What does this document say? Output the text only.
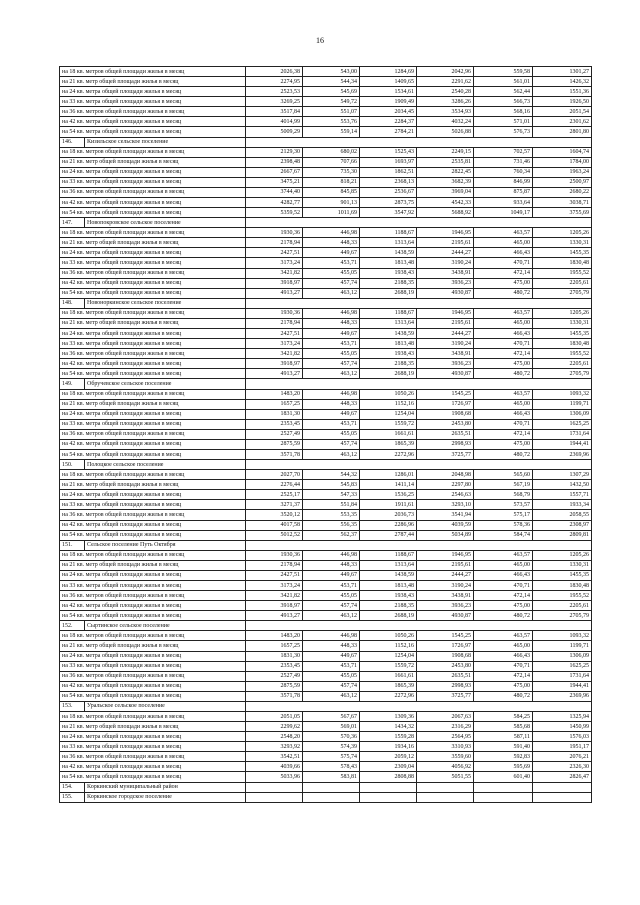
16
на 18 кв. метров общей площади жилья в месяц		2026,38	543,00	1284,69	2042,96	559,58	1301,27
на 21 кв. метр общей площади жилья в месяц		2274,95	544,34	1409,65	2291,62	561,01	1426,32
на 24 кв. метра общей площади жилья в месяц		2523,53	545,69	1534,61	2540,28	562,44	1551,36
на 33 кв. метра общей площади жилья в месяц		3269,25	549,72	1909,49	3286,26	566,73	1926,50
на 36 кв. метров общей площади жилья в месяц		3517,84	551,07	2034,45	3534,93	568,16	2051,54
на 42 кв. метра общей площади жилья в месяц		4014,99	553,76	2284,37	4032,24	571,01	2301,62
на 54 кв. метра общей площади жилья в месяц		5009,29	559,14	2784,21	5026,88	576,73	2801,80
146.	Кизильское сельское поселение						
на 18 кв. метров общей площади жилья в месяц		2129,30	680,02	1525,43	2249,15	702,57	1604,74
на 21 кв. метр общей площади жилья в месяц		2398,48	707,66	1693,97	2535,81	731,46	1784,00
на 24 кв. метра общей площади жилья в месяц		2667,67	735,30	1862,51	2822,45	760,34	1963,24
на 33 кв. метра общей площади жилья в месяц		3475,21	818,21	2368,13	3682,39	846,99	2500,97
на 36 кв. метров общей площади жилья в месяц		3744,40	845,85	2536,67	3969,04	875,87	2680,22
на 42 кв. метра общей площади жилья в месяц		4282,77	901,13	2873,75	4542,33	933,64	3038,71
на 54 кв. метра общей площади жилья в месяц		5359,52	1011,69	3547,92	5688,92	1049,17	3755,69
147.	Новопокровское сельское поселение						
на 18 кв. метров общей площади жилья в месяц		1930,36	446,98	1188,67	1946,95	463,57	1205,26
на 21 кв. метр общей площади жилья в месяц		2178,94	448,33	1313,64	2195,61	465,00	1330,31
на 24 кв. метра общей площади жилья в месяц		2427,51	449,67	1438,59	2444,27	466,43	1455,35
на 33 кв. метра общей площади жилья в месяц		3173,24	453,71	1813,48	3190,24	470,71	1830,48
на 36 кв. метров общей площади жилья в месяц		3421,82	455,05	1938,43	3438,91	472,14	1955,52
на 42 кв. метра общей площади жилья в месяц		3918,97	457,74	2188,35	3936,23	475,00	2205,61
на 54 кв. метра общей площади жилья в месяц		4913,27	463,12	2688,19	4930,87	480,72	2705,79
148.	Новоноркинское сельское поселение						
на 18 кв. метров общей площади жилья в месяц		1930,36	446,98	1188,67	1946,95	463,57	1205,26
на 21 кв. метр общей площади жилья в месяц		2178,94	448,33	1313,64	2195,61	465,00	1330,31
на 24 кв. метра общей площади жилья в месяц		2427,51	449,67	1438,59	2444,27	466,43	1455,35
на 33 кв. метра общей площади жилья в месяц		3173,24	453,71	1813,48	3190,24	470,71	1830,48
на 36 кв. метров общей площади жилья в месяц		3421,82	455,05	1938,43	3438,91	472,14	1955,52
на 42 кв. метра общей площади жилья в месяц		3918,97	457,74	2188,35	3936,23	475,00	2205,61
на 54 кв. метра общей площади жилья в месяц		4913,27	463,12	2688,19	4930,87	480,72	2705,79
149.	Обручевское сельское поселение						
на 18 кв. метров общей площади жилья в месяц		1483,20	446,98	1050,26	1545,25	463,57	1093,32
на 21 кв. метр общей площади жилья в месяц		1657,25	448,33	1152,16	1726,97	465,00	1199,71
на 24 кв. метра общей площади жилья в месяц		1831,30	449,67	1254,04	1908,68	466,43	1306,09
на 33 кв. метра общей площади жилья в месяц		2353,45	453,71	1559,72	2453,80	470,71	1625,25
на 36 кв. метров общей площади жилья в месяц		2527,49	455,05	1661,61	2635,51	472,14	1731,64
на 42 кв. метра общей площади жилья в месяц		2875,59	457,74	1865,39	2998,93	475,00	1944,41
на 54 кв. метра общей площади жилья в месяц		3571,78	463,12	2272,96	3725,77	480,72	2369,96
150.	Полоцкое сельское поселение						
на 18 кв. метров общей площади жилья в месяц		2027,70	544,32	1286,01	2048,98	565,60	1307,29
на 21 кв. метр общей площади жилья в месяц		2276,44	545,83	1411,14	2297,80	567,19	1432,50
на 24 кв. метра общей площади жилья в месяц		2525,17	547,33	1536,25	2546,63	568,79	1557,71
на 33 кв. метра общей площади жилья в месяц		3271,37	551,84	1911,61	3293,10	573,57	1933,34
на 36 кв. метров общей площади жилья в месяц		3520,12	553,35	2036,73	3541,94	575,17	2058,55
на 42 кв. метра общей площади жилья в месяц		4017,58	556,35	2286,96	4039,59	578,36	2308,97
на 54 кв. метра общей площади жилья в месяц		5012,52	562,37	2787,44	5034,89	584,74	2809,81
151.	Сельское поселение Путь Октября						
на 18 кв. метров общей площади жилья в месяц		1930,36	446,98	1188,67	1946,95	463,57	1205,26
на 21 кв. метр общей площади жилья в месяц		2178,94	448,33	1313,64	2195,61	465,00	1330,31
на 24 кв. метра общей площади жилья в месяц		2427,51	449,67	1438,59	2444,27	466,43	1455,35
на 33 кв. метра общей площади жилья в месяц		3173,24	453,71	1813,48	3190,24	470,71	1830,48
на 36 кв. метров общей площади жилья в месяц		3421,82	455,05	1938,43	3438,91	472,14	1955,52
на 42 кв. метра общей площади жилья в месяц		3918,97	457,74	2188,35	3936,23	475,00	2205,61
на 54 кв. метра общей площади жилья в месяц		4913,27	463,12	2688,19	4930,87	480,72	2705,79
152.	Сыртинское сельское поселение						
на 18 кв. метров общей площади жилья в месяц		1483,20	446,98	1050,26	1545,25	463,57	1093,32
на 21 кв. метр общей площади жилья в месяц		1657,25	448,33	1152,16	1726,97	465,00	1199,71
на 24 кв. метра общей площади жилья в месяц		1831,30	449,67	1254,04	1908,68	466,43	1306,09
на 33 кв. метра общей площади жилья в месяц		2353,45	453,71	1559,72	2453,80	470,71	1625,25
на 36 кв. метров общей площади жилья в месяц		2527,49	455,05	1661,61	2635,51	472,14	1731,64
на 42 кв. метра общей площади жилья в месяц		2875,59	457,74	1865,39	2998,93	475,00	1944,41
на 54 кв. метра общей площади жилья в месяц		3571,78	463,12	2272,96	3725,77	480,72	2369,96
153.	Уральское сельское поселение						
на 18 кв. метров общей площади жилья в месяц		2051,05	567,67	1309,36	2067,63	584,25	1325,94
на 21 кв. метр общей площади жилья в месяц		2299,62	569,01	1434,32	2316,29	585,68	1450,99
на 24 кв. метра общей площади жилья в месяц		2548,20	570,36	1559,28	2564,95	587,11	1576,03
на 33 кв. метра общей площади жилья в месяц		3293,92	574,39	1934,16	3310,93	591,40	1951,17
на 36 кв. метров общей площади жилья в месяц		3542,51	575,74	2059,12	3559,60	592,83	2076,21
на 42 кв. метра общей площади жилья в месяц		4039,66	578,43	2309,04	4056,92	595,69	2326,30
на 54 кв. метра общей площади жилья в месяц		5033,96	583,81	2808,88	5051,55	601,40	2826,47
154.	Коркинский муниципальный район						
155.	Коркинское городское поселение						
